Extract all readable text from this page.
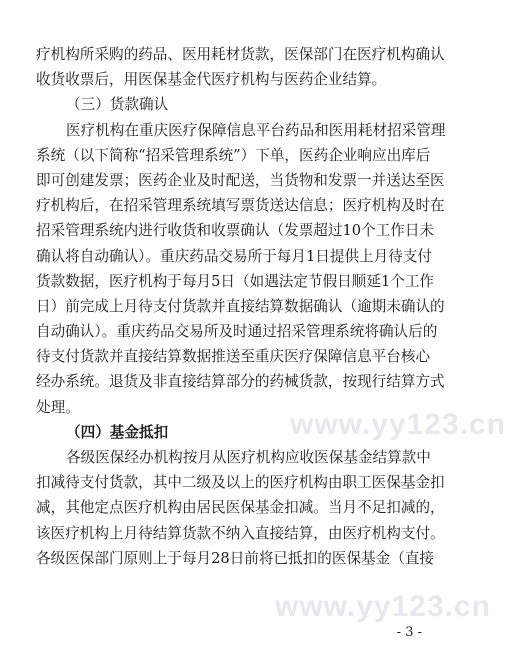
疗机构所采购的药品、医用耗材货款，医保部门在医疗机构确认
收货收票后，用医保基金代医疗机构与医药企业结算。
（三）货款确认
医疗机构在重庆医疗保障信息平台药品和医用耗材招采管理
系统（以下简称“招采管理系统”）下单，医药企业响应出库后
即可创建发票；医药企业及时配送，当货物和发票一并送达至医
疗机构后，在招采管理系统填写票货送达信息；医疗机构及时在
招采管理系统内进行收货和收票确认（发票超过10个工作日未
确认将自动确认）。重庆药品交易所于每月1日提供上月待支付
货款数据，医疗机构于每月5日（如遇法定节假日顺延1个工作
日）前完成上月待支付货款并直接结算数据确认（逾期未确认的
自动确认）。重庆药品交易所及时通过招采管理系统将确认后的
待支付货款并直接结算数据推送至重庆医疗保障信息平台核心
经办系统。退货及非直接结算部分的药械货款，按现行结算方式
处理。
（四）基金抵扣
各级医保经办机构按月从医疗机构应收医保基金结算款中
扣减待支付货款，其中二级及以上的医疗机构由职工医保基金扣
减，其他定点医疗机构由居民医保基金扣减。当月不足扣减的，
该医疗机构上月待结算货款不纳入直接结算，由医疗机构支付。
各级医保部门原则上于每月28日前将已抵扣的医保基金（直接
www.yy123.cn
www.yy123.cn
- 3 -
